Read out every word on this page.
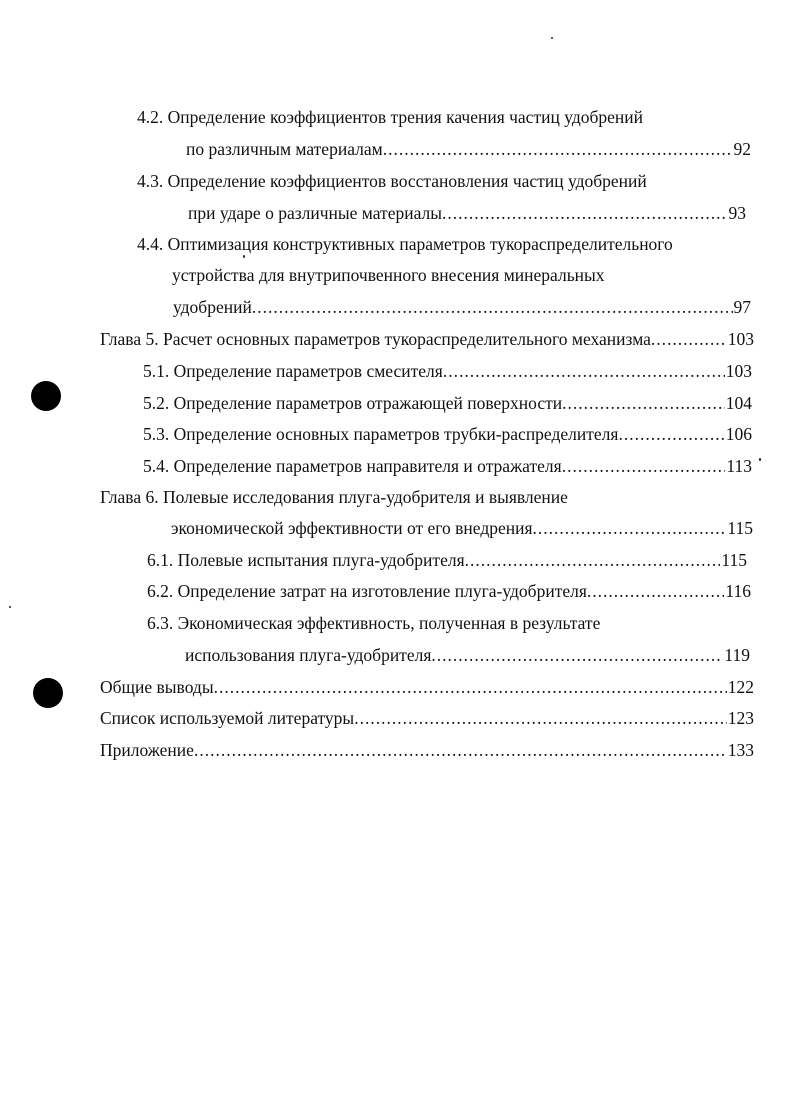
4.2. Определение коэффициентов трения качения частиц удобрений
по различным материалам .....	92
4.3. Определение коэффициентов восстановления частиц удобрений
при ударе о различные материалы .....	93
4.4. Оптимизация конструктивных параметров тукораспределительного
устройства для внутрипочвенного внесения минеральных
удобрений .....	97
Глава 5. Расчет основных параметров тукораспределительного механизма .....	103
5.1. Определение параметров смесителя .....	103
5.2. Определение параметров отражающей поверхности .....	104
5.3. Определение основных параметров трубки-распределителя .....	106
5.4. Определение параметров направителя и отражателя .....	113
Глава 6. Полевые исследования плуга-удобрителя и выявление
экономической эффективности от его внедрения .....	115
6.1. Полевые испытания плуга-удобрителя .....	115
6.2. Определение затрат на изготовление плуга-удобрителя .....	116
6.3. Экономическая эффективность, полученная в результате
использования плуга-удобрителя .....	119
Общие выводы .....	122
Список используемой литературы .....	123
Приложение .....	133
